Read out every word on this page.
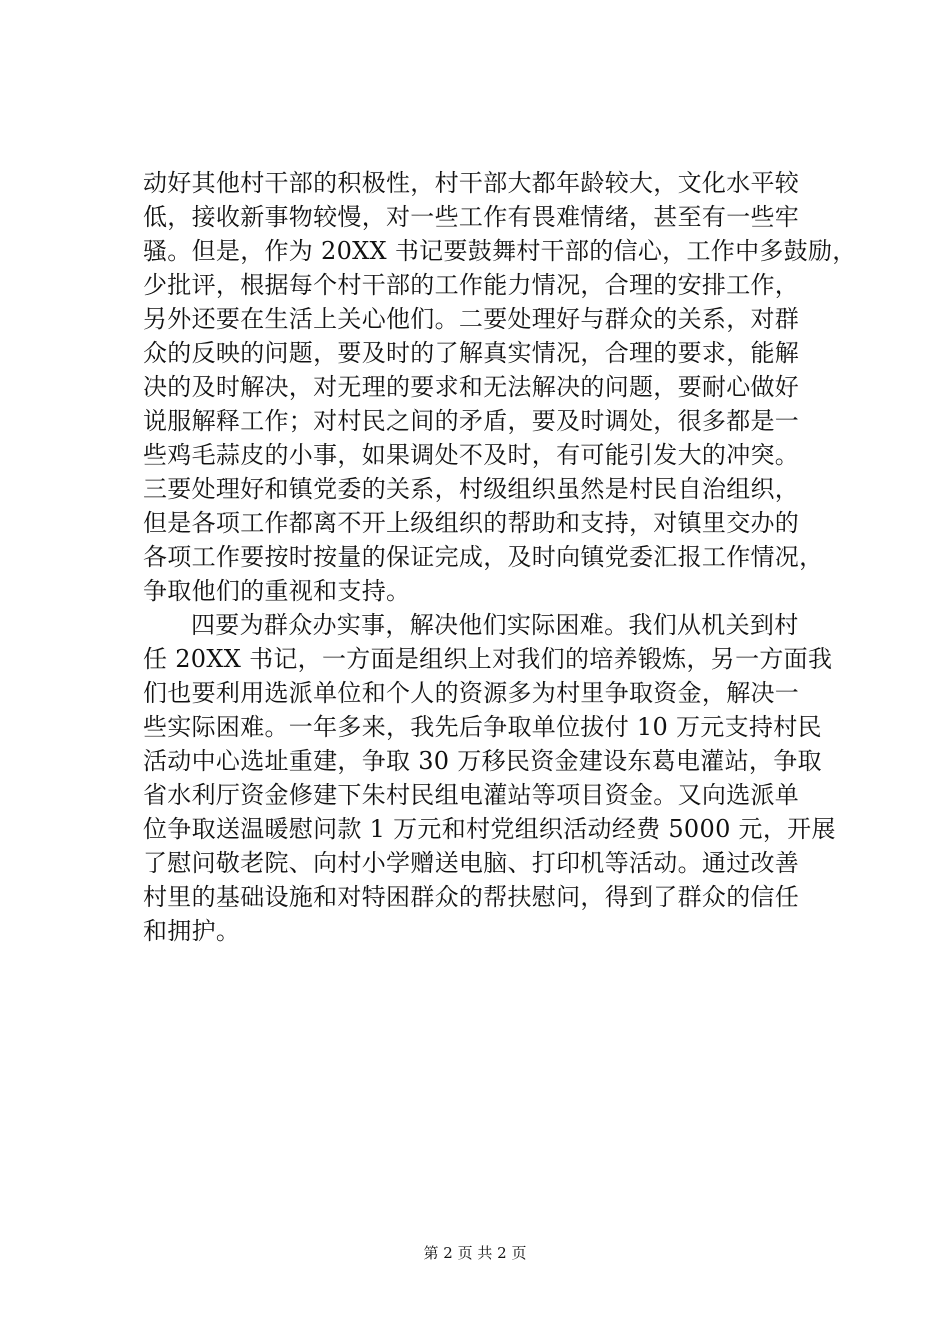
动好其他村干部的积极性，村干部大都年龄较大，文化水平较
低，接收新事物较慢，对一些工作有畏难情绪，甚至有一些牢
骚。但是，作为 20XX 书记要鼓舞村干部的信心，工作中多鼓励，
少批评，根据每个村干部的工作能力情况，合理的安排工作，
另外还要在生活上关心他们。二要处理好与群众的关系，对群
众的反映的问题，要及时的了解真实情况，合理的要求，能解
决的及时解决，对无理的要求和无法解决的问题，要耐心做好
说服解释工作；对村民之间的矛盾，要及时调处，很多都是一
些鸡毛蒜皮的小事，如果调处不及时，有可能引发大的冲突。
三要处理好和镇党委的关系，村级组织虽然是村民自治组织，
但是各项工作都离不开上级组织的帮助和支持，对镇里交办的
各项工作要按时按量的保证完成，及时向镇党委汇报工作情况，
争取他们的重视和支持。
四要为群众办实事，解决他们实际困难。我们从机关到村
任 20XX 书记，一方面是组织上对我们的培养锻炼，另一方面我
们也要利用选派单位和个人的资源多为村里争取资金，解决一
些实际困难。一年多来，我先后争取单位拔付 10 万元支持村民
活动中心选址重建，争取 30 万移民资金建设东葛电灌站，争取
省水利厅资金修建下朱村民组电灌站等项目资金。又向选派单
位争取送温暖慰问款 1 万元和村党组织活动经费 5000 元，开展
了慰问敬老院、向村小学赠送电脑、打印机等活动。通过改善
村里的基础设施和对特困群众的帮扶慰问，得到了群众的信任
和拥护。
第 2 页 共 2 页
